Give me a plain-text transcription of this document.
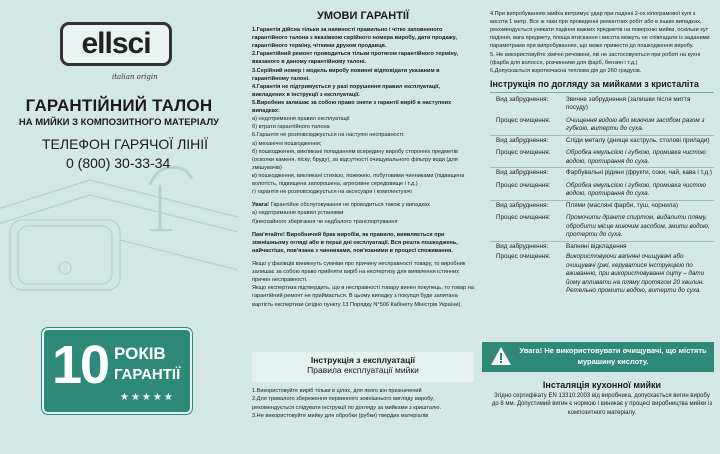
ellsci
italian origin
ГАРАНТІЙНИЙ ТАЛОН
НА МИЙКИ З КОМПОЗИТНОГО МАТЕРІАЛУ
ТЕЛЕФОН ГАРЯЧОЇ ЛІНІЇ
0 (800) 30-33-34
10 РОКІВ
ГАРАНТІЇ
★★★★★
УМОВИ ГАРАНТІЇ

1.Гарантія дійсна тільки за наявності правильно і чітко заповненого гарантійного талона з вказівкою серійного номера виробу, дати продажу, гарантійного терміну, чіткими друком продавця.

2.Гарантійний ремонт проводиться тільки протягом гарантійного терміну, вказаного в даному гарантійному талоні.

3.Серійний номер і модель виробу повинні відповідати указаним в гарантійному талоні.

4.Гарантія не підтримується у разі порушення правил експлуатації, викладених в інструкції з експлуатації.

5.Виробник залишає за собою право зняти з гарантії виріб в наступних випадках:

а) недотримання правил експлуатації

б) втрати гарантійного талона

6.Гарантія не розповсюджується на наступні несправності:

а) механічні пошкодження;

б) пошкодження, викликані попаданням всередину виробу сторонніх предметів (осколки каменя, піску, бруду), за відсутності очищувального фільтру води (для змішувачів)

в) пошкодження, викликані стихією, пожежею, побутовими чинниками (підвищена вологість, підвищена запорошена, агресивне середовище і т.д.)

г) гарантія не розповсюджується на аксесуари і комплектуючі

Увага! Гарантійне обслуговування не проводиться також у випадках

а) недотримання правил установки

б)неохайного зберігання чи недбалого транспортування

Пам'ятайте! Виробничий брак виробів, як правило, виявляється при зовнішньому огляді або в перші дні експлуатації. Вся решта пошкоджень, найчастіше, пов'язана з чинниками, пов'язаними в процесі споживання.

Якщо у фахівців виникнуть сумніви про причину несправності товару, то виробник залишає за собою право прийняти виріб на експертизу для виявлення істинних причин несправності.

Якщо експертиза підтвердить, що в несправності товару винен покупець, то товар на гарантійний ремонт не приймається. В цьому випадку з покупця буде запитана вартість експертизи (згідно пункту 13 Порядку N°506 Кабінету Міністрів України).

Інструкція з експлуатації
Правила експлуатації мийки

1.Використовуйте виріб тільки в цілях, для якого він призначений

2.Для тривалого збереження первинного зовнішнього вигляду виробу, рекомендується слідувати інструкції по догляду за мийками з кришталю.

3.Не використовуйте мийку для обробки (рубки) твердих матеріалів

4.При випробуваннях мийка витримує удар при падінні 2-ох кілограмової кулі з висоти 1 метр. Все ж таки при проведенні ремонтних робіт або в інших випадках, рекомендується уникати падіння важких предметів на поверхню мийки, оскільки кут падіння, вага предмету, площа втискання і висота можуть не співпадати із заданими параметрами при випробуваннях, що може привести до пошкодження виробу.

5. Не використовуйте хімічні речовини, які не застосовуються при роботі на кухні (фарба для волосся, розчинники для фарб, бензин і т.д.)

6.Допускається короткочасна теплова дія до 260 градусів.

Інструкція по догляду за мийками з кристаліта
Вид забруднення:	Звичне забруднення (залишки після миття посуду)
Процес очищення:	Очищення водою або миючим засобом разом з губкою, витерти до суха.
Вид забруднення:	Сліди металу (днище каструль, столові прилади)
Процес очищення:	Обробка емульсією і губкою, промивка чистою водою, протирання до суха.
Вид забруднення:	Фарбувальні рідини (фрукти, соки, чай, кава і т.д.)
Процес очищення:	Обробка емульсією і губкою, промивка чистою водою, протирання до суха.
Вид забруднення:	Плями (масляні фарби, туш, чорнила)
Процес очищення:	Промочити дрантя спиртом, видалити пляму, обробити місце миючим засобом, змити водою, протерти до суха.
Вид забруднення:	Вапняні відкладення
Процес очищення:	Використовуючи вапняні очищувачі або очищувачі (ржі, керуватися інструкцією по вживанню, при використовуванні оцту – дати йому впливати на пляму протягом 20 хвилин. Ретельно промити водою, витерти до суха.
Увага! Не використовувати очищувачі, що містять мурашину кислоту.
Інсталяція кухонної мийки
Згідно сертифікату EN 13310:2003 від виробника, допускається вигин виробу до 8 мм. Допустимий вигин є нормою і виникає у процесі виробництва мийки із композитного матеріалу.
